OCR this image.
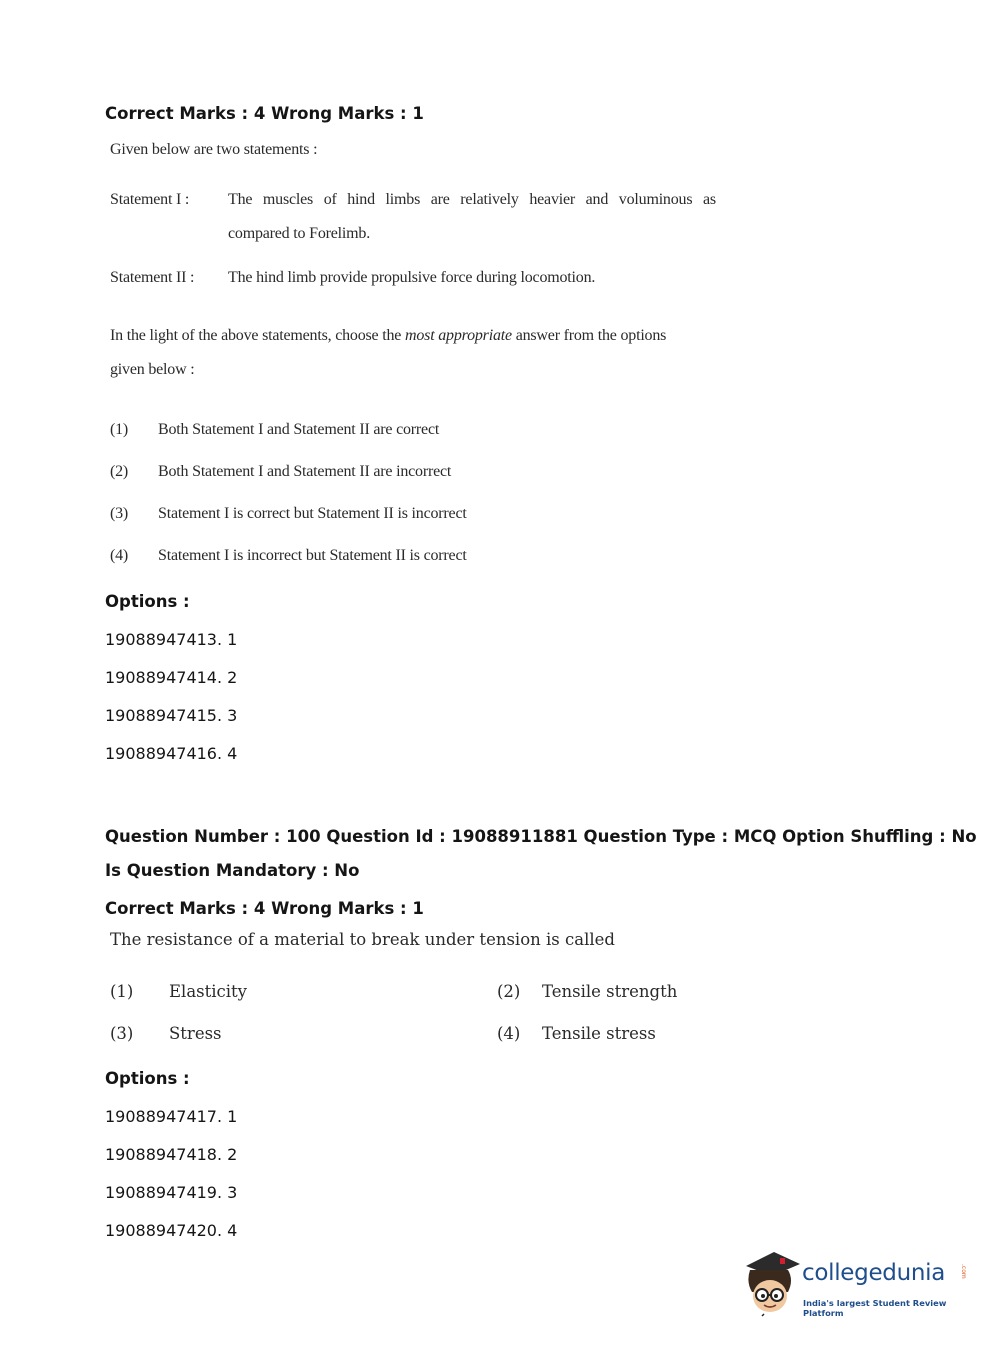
Correct Marks : 4 Wrong Marks : 1
Given below are two statements :
Statement I : The muscles of hind limbs are relatively heavier and voluminous as
compared to Forelimb.
Statement II : The hind limb provide propulsive force during locomotion.
In the light of the above statements, choose the most appropriate answer from the options
given below :
(1) Both Statement I and Statement II are correct
(2) Both Statement I and Statement II are incorrect
(3) Statement I is correct but Statement II is incorrect
(4) Statement I is incorrect but Statement II is correct
Options :
19088947413. 1
19088947414. 2
19088947415. 3
19088947416. 4
Question Number : 100 Question Id : 19088911881 Question Type : MCQ Option Shuffling : No
Is Question Mandatory : No
Correct Marks : 4 Wrong Marks : 1
The resistance of a material to break under tension is called
(1) Elasticity	(2) Tensile strength
(3) Stress	(4) Tensile stress
Options :
19088947417. 1
19088947418. 2
19088947419. 3
19088947420. 4
collegedunia .com
India's largest Student Review Platform
